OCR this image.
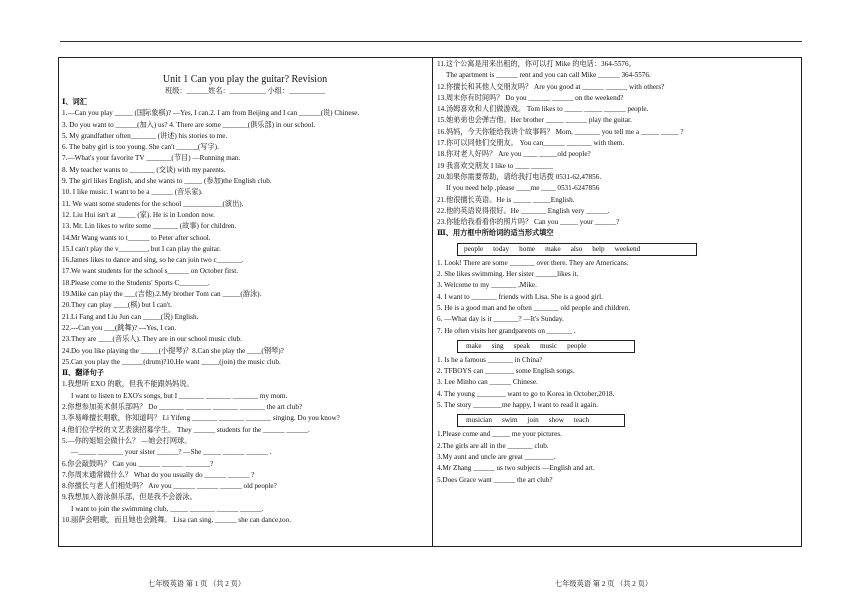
Unit 1 Can you play the guitar? Revision
班级：______姓名：__________ 小组：__________
Ⅰ、词汇
1.—Can you play _____ (国际象棋)? —Yes, I can.2. I am from Beijing and I can ______(说) Chinese.
3. Do you want to ______(加入) us? 4. There are some _______(俱乐部) in our school.
5. My grandfather often_______ (讲述) his stories to me.
6. The baby girl is too young. She can't ______(写字).
7.—What's your favorite TV _______(节目) —Running man.
8. My teacher wants to _______ (交谈) with my parents.
9. The girl likes English, and she wants to _____ (参加)the English club.
10. I like music. I want to be a ______ (音乐家).
11. We want some students for the school ___________(演出).
12. Liu Hui isn't at _____ (家). He is in London now.
13. Mr. Lin likes to write some _______ (故事) for children.
14.Mr Wang wants to t______ to Peter after school.
15.I can't play the v________, but I can play the guitar.
16.James likes to dance and sing, so he can join two c_______.
17.We want students for the school s______ on October first.
18.Please come to the Students' Sports C________.
19.Mike can play the ___(吉他).2.My brother Tom can _____(游泳).
20.They can play ____(棋) but I can't.
21.Li Fang and Liu Jun can _____(说) English.
22.---Can you ___(跳舞)? ---Yes, I can.
23.They are ____(音乐人). They are in our school music club.
24.Do you like playing the _____(小提琴)？8.Can she play the ____(钢琴)?
25.Can you play the ______(drum)?10.He want _____(join) the music club.
Ⅱ、翻译句子
1.我想听 EXO 的歌，但我不能跟妈妈说。
I want to listen to EXO's songs, but I _______ _______ _______ my mom.
2.你想参加美术俱乐部吗？ Do _______ _______ _______ _______ the art club?
3.李易峰擅长唱歌，你知道吗？ Li Yifeng _______ _______ _______ singing. Do you know?
4.他们位学校的文艺表演招募学生。 They ______ students for the ______ ______.
5.—你的姐姐会做什么？ —她会打网球。
—_____ _______ your sister ______? —She _____ ______ ______ .
6.你会敲鼓吗？ Can you ______ ______ _______?
7.你周末通常做什么？ What do you usually do ______ ______ ?
8.你擅长与老人们相处吗？ Are you ______ ______ ______ old people?
9.我想加入游泳俱乐部，但是我不会游泳。
I want to join the swimming club, _____ _______ ______ ______.
10.丽萨会唱歌，而且她也会跳舞。 Lisa can sing, ______ she can dance,too.
11.这个公寓是用来出租的，你可以打 Mike 的电话：364-5576。
The apartment is ______ rent and you can call Mike ______ 364-5576.
12.你擅长和其他人交朋友吗？ Are you good at ______ ______ with others?
13.周末你有时间吗？ Do you ______ ______ on the weekend?
14.汤姆喜欢和人们做游戏。 Tom likes to _____ _____ ______ people.
15.她弟弟也会弹吉他。Her brother _____ ______ play the guitar.
16.妈妈，今天你能给我讲个故事吗？ Mom, _______ you tell me a _____ _____ ?
17.你可以同他们交朋友。 You can______ _______ with them.
18.你对老人好吗？ Are you ____ _____old people?
19 我喜欢交朋友 I like to ____ ______
20.如果你需要帮助，请给我打电话拨 0531-62,47856.
If you need help ,please ____me ____ 0531-6247856
21.他很擅长英语。He is _____ _____English.
22.他的英语说得很好。He _______ English very ______.
23.你能给我看看你的照片吗？ Can you _____ your ______?
Ⅲ、用方框中所给词的适当形式填空
people today home make also help weekend
1. Look! There are some _______ over there. They are Americans.
2. She likes swimming. Her sister ______likes it.
3. Welcome to my _______ ,Mike.
4. I want to _______ friends with Lisa. She is a good girl.
5. He is a good man and he often _______ old people and children.
6. —What day is it _______? —It's Sunday.
7. He often visits her grandparents on _______ .
make sing speak music people
1. Is he a famous _______ in China?
2. TFBOYS can ________ some English songs.
3. Lee Minho can ______ Chinese.
4. The young ________ want to go to Korea in October,2018.
5. The story ________me happy, I want to read it again.
musician swim join show teach
1.Please come and _____ me your pictures.
2.The girls are all in the _______ club.
3.My aunt and uncle are great ________.
4.Mr Zhang ______ us two subjects —English and art.
5.Does Grace want ______ the art club?
七年级英语 第 1 页 （共 2 页）	七年级英语 第 2 页 （共 2 页）
